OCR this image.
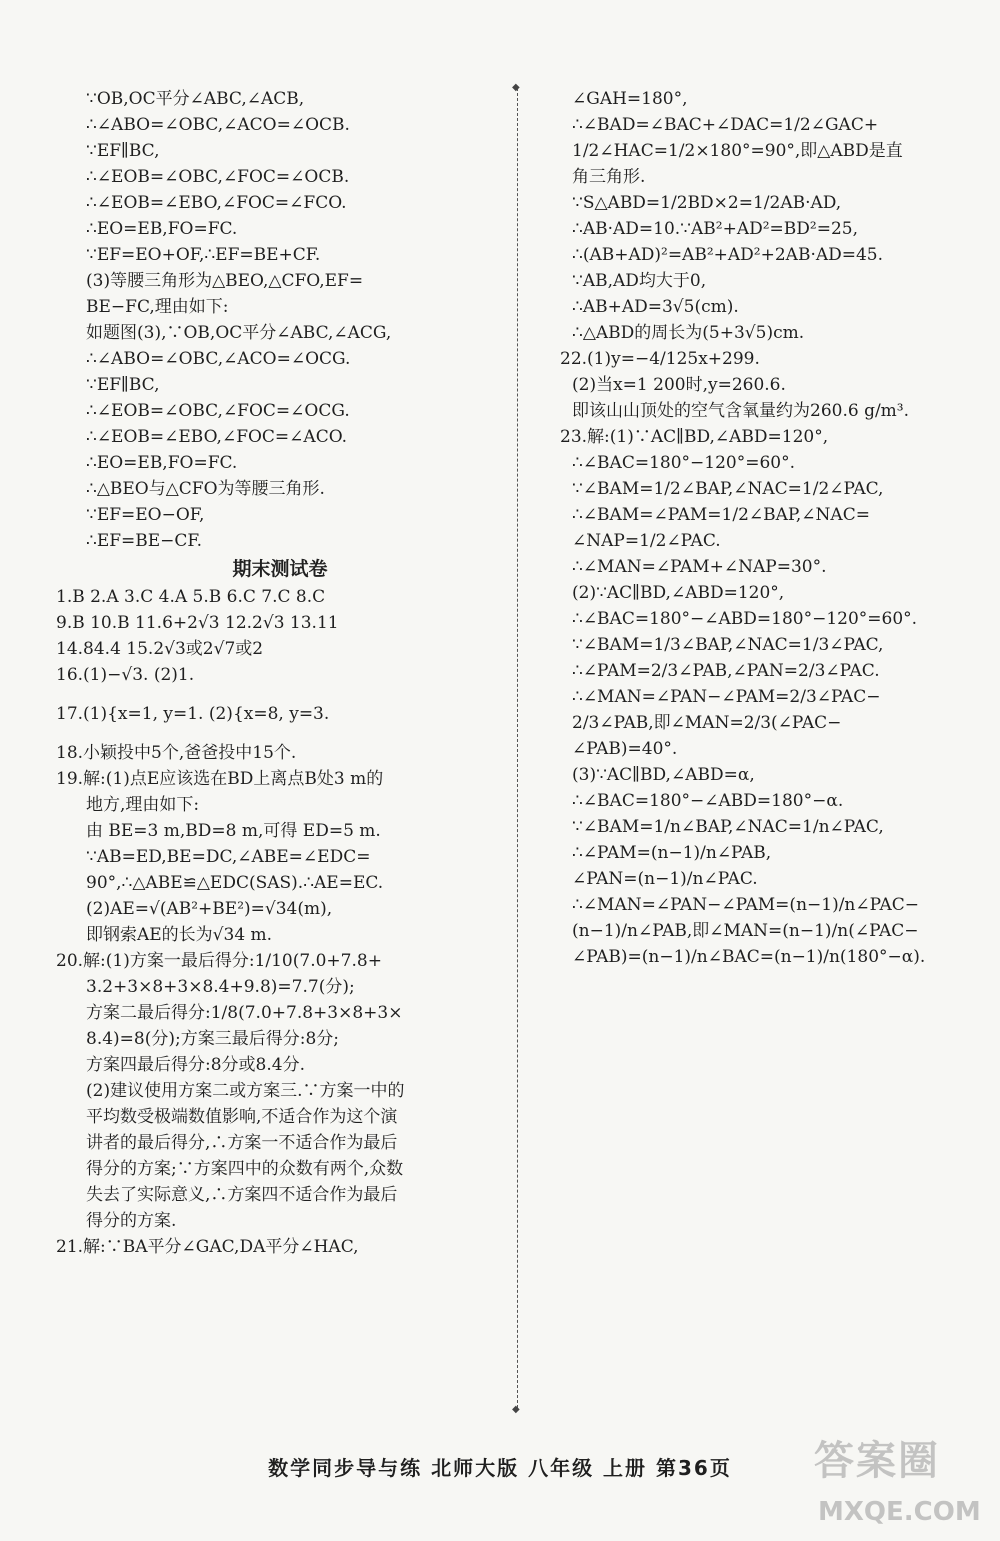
∵OB,OC平分∠ABC,∠ACB,
∴∠ABO=∠OBC,∠ACO=∠OCB.
∵EF∥BC,
∴∠EOB=∠OBC,∠FOC=∠OCB.
∴∠EOB=∠EBO,∠FOC=∠FCO.
∴EO=EB,FO=FC.
∵EF=EO+OF,∴EF=BE+CF.
(3)等腰三角形为△BEO,△CFO,EF=
BE−FC,理由如下:
如题图(3),∵OB,OC平分∠ABC,∠ACG,
∴∠ABO=∠OBC,∠ACO=∠OCG.
∵EF∥BC,
∴∠EOB=∠OBC,∠FOC=∠OCG.
∴∠EOB=∠EBO,∠FOC=∠ACO.
∴EO=EB,FO=FC.
∴△BEO与△CFO为等腰三角形.
∵EF=EO−OF,
∴EF=BE−CF.
期末测试卷
1.B 2.A 3.C 4.A 5.B 6.C 7.C 8.C
9.B 10.B 11.6+2√3 12.2√3 13.11
14.84.4 15.2√3或2√7或2
16.(1)−√3. (2)1.
17.(1){x=1, y=1. (2){x=8, y=3.
18.小颖投中5个,爸爸投中15个.
19.解:(1)点E应该选在BD上离点B处3 m的
地方,理由如下:
由 BE=3 m,BD=8 m,可得 ED=5 m.
∵AB=ED,BE=DC,∠ABE=∠EDC=
90°,∴△ABE≌△EDC(SAS).∴AE=EC.
(2)AE=√(AB²+BE²)=√34(m),
即钢索AE的长为√34 m.
20.解:(1)方案一最后得分:1/10(7.0+7.8+
3.2+3×8+3×8.4+9.8)=7.7(分);
方案二最后得分:1/8(7.0+7.8+3×8+3×
8.4)=8(分);方案三最后得分:8分;
方案四最后得分:8分或8.4分.
(2)建议使用方案二或方案三.∵方案一中的
平均数受极端数值影响,不适合作为这个演
讲者的最后得分,∴方案一不适合作为最后
得分的方案;∵方案四中的众数有两个,众数
失去了实际意义,∴方案四不适合作为最后
得分的方案.
21.解:∵BA平分∠GAC,DA平分∠HAC,
◆
◆
∠GAH=180°,
∴∠BAD=∠BAC+∠DAC=1/2∠GAC+
1/2∠HAC=1/2×180°=90°,即△ABD是直
角三角形.
∵S△ABD=1/2BD×2=1/2AB·AD,
∴AB·AD=10.∵AB²+AD²=BD²=25,
∴(AB+AD)²=AB²+AD²+2AB·AD=45.
∵AB,AD均大于0,
∴AB+AD=3√5(cm).
∴△ABD的周长为(5+3√5)cm.
22.(1)y=−4/125x+299.
(2)当x=1 200时,y=260.6.
即该山山顶处的空气含氧量约为260.6 g/m³.
23.解:(1)∵AC∥BD,∠ABD=120°,
∴∠BAC=180°−120°=60°.
∵∠BAM=1/2∠BAP,∠NAC=1/2∠PAC,
∴∠BAM=∠PAM=1/2∠BAP,∠NAC=
∠NAP=1/2∠PAC.
∴∠MAN=∠PAM+∠NAP=30°.
(2)∵AC∥BD,∠ABD=120°,
∴∠BAC=180°−∠ABD=180°−120°=60°.
∵∠BAM=1/3∠BAP,∠NAC=1/3∠PAC,
∴∠PAM=2/3∠PAB,∠PAN=2/3∠PAC.
∴∠MAN=∠PAN−∠PAM=2/3∠PAC−
2/3∠PAB,即∠MAN=2/3(∠PAC−
∠PAB)=40°.
(3)∵AC∥BD,∠ABD=α,
∴∠BAC=180°−∠ABD=180°−α.
∵∠BAM=1/n∠BAP,∠NAC=1/n∠PAC,
∴∠PAM=(n−1)/n∠PAB,
∠PAN=(n−1)/n∠PAC.
∴∠MAN=∠PAN−∠PAM=(n−1)/n∠PAC−
(n−1)/n∠PAB,即∠MAN=(n−1)/n(∠PAC−
∠PAB)=(n−1)/n∠BAC=(n−1)/n(180°−α).
数学同步导与练 北师大版 八年级 上册 第36页	答案圈
MXQE.COM
